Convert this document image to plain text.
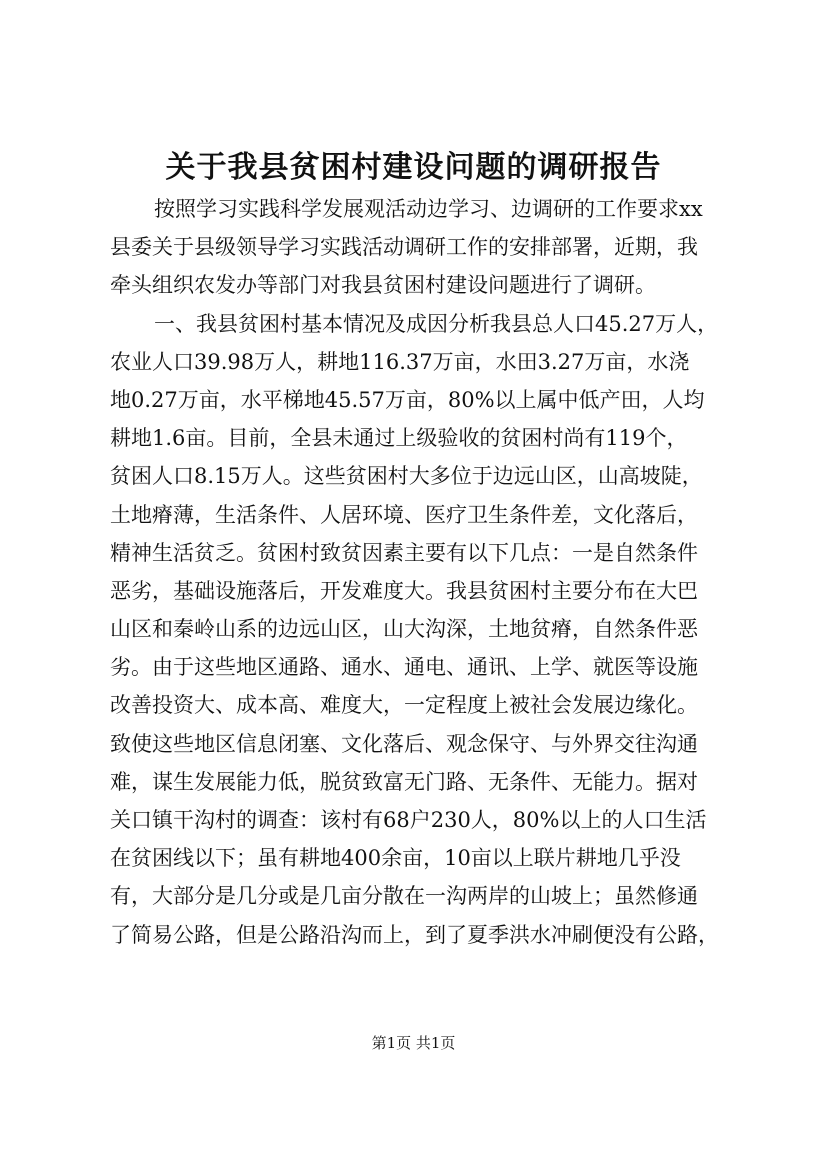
关于我县贫困村建设问题的调研报告
按照学习实践科学发展观活动边学习、边调研的工作要求xx
县委关于县级领导学习实践活动调研工作的安排部署，近期，我
牵头组织农发办等部门对我县贫困村建设问题进行了调研。
一、我县贫困村基本情况及成因分析我县总人口45.27万人，
农业人口39.98万人，耕地116.37万亩，水田3.27万亩，水浇
地0.27万亩，水平梯地45.57万亩，80%以上属中低产田，人均
耕地1.6亩。目前，全县未通过上级验收的贫困村尚有119个，
贫困人口8.15万人。这些贫困村大多位于边远山区，山高坡陡，
土地瘠薄，生活条件、人居环境、医疗卫生条件差，文化落后，
精神生活贫乏。贫困村致贫因素主要有以下几点：一是自然条件
恶劣，基础设施落后，开发难度大。我县贫困村主要分布在大巴
山区和秦岭山系的边远山区，山大沟深，土地贫瘠，自然条件恶
劣。由于这些地区通路、通水、通电、通讯、上学、就医等设施
改善投资大、成本高、难度大，一定程度上被社会发展边缘化。
致使这些地区信息闭塞、文化落后、观念保守、与外界交往沟通
难，谋生发展能力低，脱贫致富无门路、无条件、无能力。据对
关口镇干沟村的调查：该村有68户230人，80%以上的人口生活
在贫困线以下；虽有耕地400余亩，10亩以上联片耕地几乎没
有，大部分是几分或是几亩分散在一沟两岸的山坡上；虽然修通
了简易公路，但是公路沿沟而上，到了夏季洪水冲刷便没有公路，
第1页 共1页
